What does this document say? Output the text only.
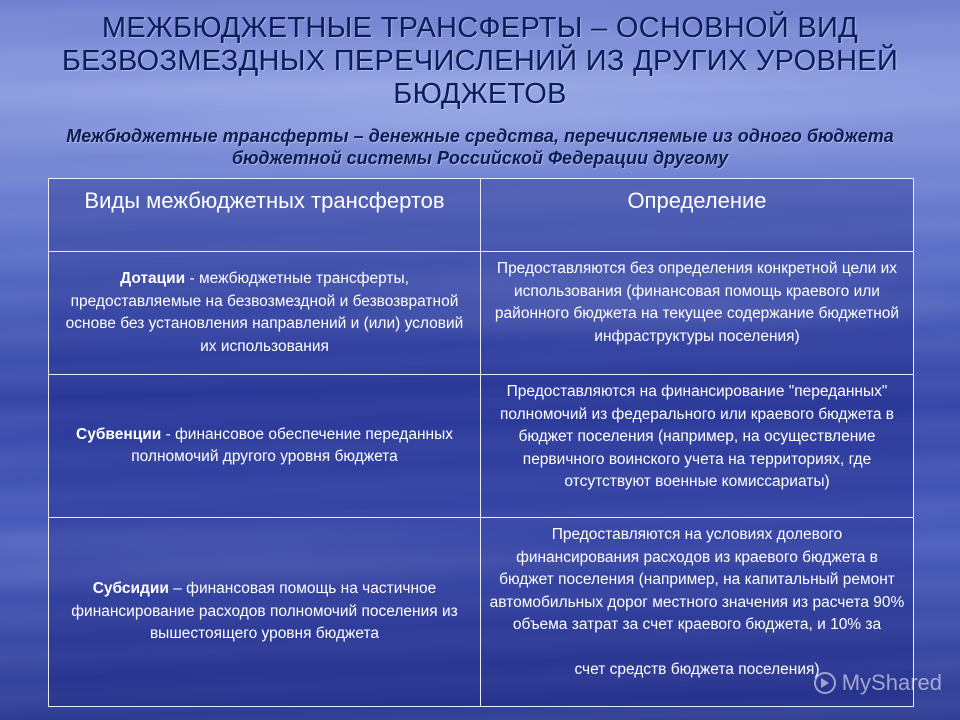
МЕЖБЮДЖЕТНЫЕ ТРАНСФЕРТЫ – ОСНОВНОЙ ВИД БЕЗВОЗМЕЗДНЫХ ПЕРЕЧИСЛЕНИЙ ИЗ ДРУГИХ УРОВНЕЙ БЮДЖЕТОВ
Межбюджетные трансферты – денежные средства, перечисляемые из одного бюджета бюджетной системы Российской Федерации другому
Виды межбюджетных трансфертов	Определение
Дотации - межбюджетные трансферты, предоставляемые на безвозмездной и безвозвратной основе без установления направлений и (или) условий их использования	Предоставляются без определения конкретной цели их использования (финансовая помощь краевого или районного бюджета на текущее содержание бюджетной инфраструктуры поселения)
Субвенции - финансовое обеспечение переданных полномочий другого уровня бюджета	Предоставляются на финансирование "переданных" полномочий из федерального или краевого бюджета в бюджет поселения (например, на осуществление первичного воинского учета на территориях, где отсутствуют военные комиссариаты)
Субсидии – финансовая помощь на частичное финансирование расходов полномочий поселения из вышестоящего уровня бюджета	Предоставляются на условиях долевого финансирования расходов из краевого бюджета в бюджет поселения (например, на капитальный ремонт автомобильных дорог местного значения из расчета 90% объема затрат за счет краевого бюджета, и 10% за
счет средств бюджета поселения)
MyShared
